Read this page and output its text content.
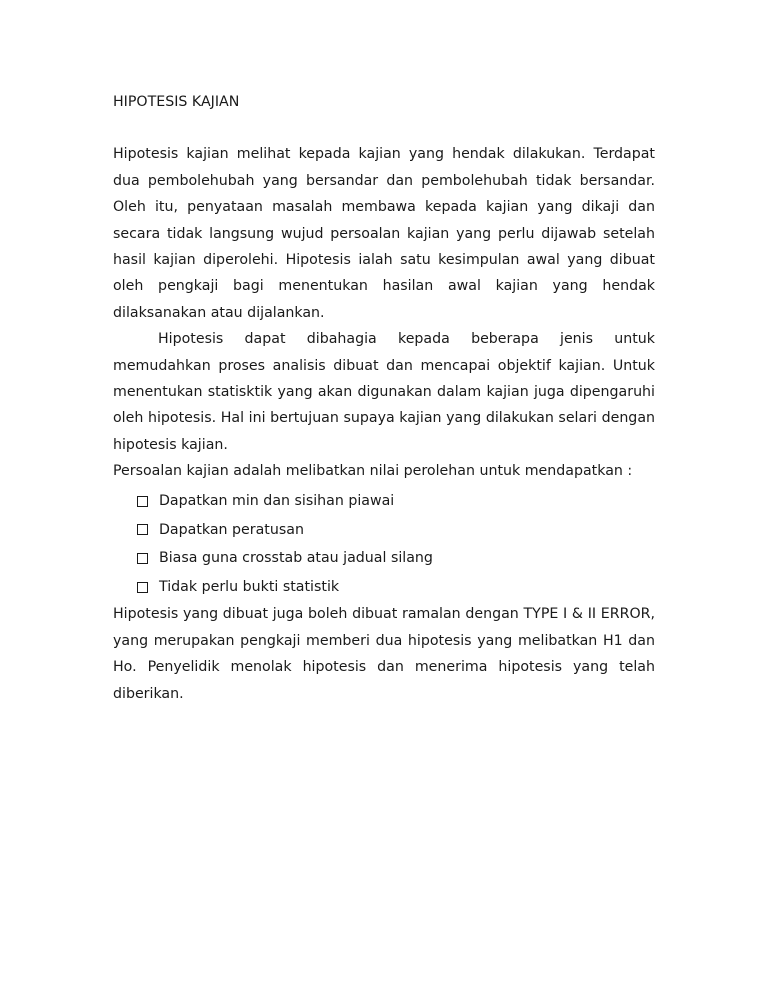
HIPOTESIS KAJIAN

Hipotesis kajian melihat kepada kajian yang hendak dilakukan. Terdapat dua pembolehubah yang bersandar dan pembolehubah tidak bersandar. Oleh itu, penyataan masalah membawa kepada kajian yang dikaji dan secara tidak langsung wujud persoalan kajian yang perlu dijawab setelah hasil kajian diperolehi. Hipotesis ialah satu kesimpulan awal yang dibuat oleh pengkaji bagi menentukan hasilan awal kajian yang hendak dilaksanakan atau dijalankan.

Hipotesis dapat dibahagia kepada beberapa jenis untuk memudahkan proses analisis dibuat dan mencapai objektif kajian. Untuk menentukan statisktik yang akan digunakan dalam kajian juga dipengaruhi oleh hipotesis. Hal ini bertujuan supaya kajian yang dilakukan selari dengan hipotesis kajian.

Persoalan kajian adalah melibatkan nilai perolehan untuk mendapatkan :

Dapatkan min dan sisihan piawai
Dapatkan peratusan
Biasa guna crosstab atau jadual silang
Tidak perlu bukti statistik

Hipotesis yang dibuat juga boleh dibuat ramalan dengan TYPE I & II ERROR, yang merupakan pengkaji memberi dua hipotesis yang melibatkan H1 dan Ho. Penyelidik menolak hipotesis dan menerima hipotesis yang telah diberikan.
